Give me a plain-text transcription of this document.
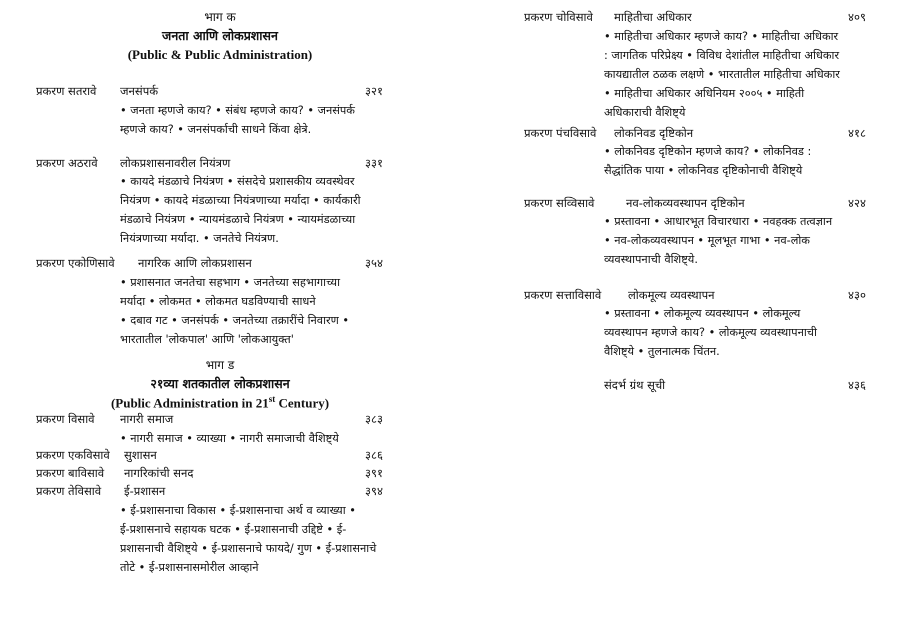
भाग क
जनता आणि लोकप्रशासन
(Public & Public Administration)
प्रकरण सतरावे जनसंपर्क	३२१
• जनता म्हणजे काय? • संबंध म्हणजे काय? • जनसंपर्क
म्हणजे काय? • जनसंपर्काची साधने किंवा क्षेत्रे.
प्रकरण अठरावे लोकप्रशासनावरील नियंत्रण	३३१
• कायदे मंडळाचे नियंत्रण • संसदेचे प्रशासकीय व्यवस्थेवर
नियंत्रण • कायदे मंडळाच्या नियंत्रणाच्या मर्यादा • कार्यकारी
मंडळाचे नियंत्रण • न्यायमंडळाचे नियंत्रण • न्यायमंडळाच्या
नियंत्रणाच्या मर्यादा. • जनतेचे नियंत्रण.
प्रकरण एकोणिसावे नागरिक आणि लोकप्रशासन	३५४
• प्रशासनात जनतेचा सहभाग • जनतेच्या सहभागाच्या
मर्यादा • लोकमत • लोकमत घडविण्याची साधने
• दबाव गट • जनसंपर्क • जनतेच्या तक्रारींचे निवारण •
भारतातील 'लोकपाल' आणि 'लोकआयुक्त'
भाग ड
२१व्या शतकातील लोकप्रशासन
(Public Administration in 21st Century)
प्रकरण विसावे नागरी समाज	३८३
• नागरी समाज • व्याख्या • नागरी समाजाची वैशिष्ट्ये
प्रकरण एकविसावे सुशासन	३८६
प्रकरण बाविसावे नागरिकांची सनद	३९१
प्रकरण तेविसावे ई-प्रशासन	३९४
• ई-प्रशासनाचा विकास • ई-प्रशासनाचा अर्थ व व्याख्या •
ई-प्रशासनाचे सहायक घटक • ई-प्रशासनाची उद्दिष्टे • ई-
प्रशासनाची वैशिष्ट्ये • ई-प्रशासनाचे फायदे/ गुण • ई-प्रशासनाचे
तोटे • ई-प्रशासनासमोरील आव्हाने
प्रकरण चोविसावे माहितीचा अधिकार	४०९
• माहितीचा अधिकार म्हणजे काय? • माहितीचा अधिकार
: जागतिक परिप्रेक्ष्य • विविध देशांतील माहितीचा अधिकार
कायद्यातील ठळक लक्षणे • भारतातील माहितीचा अधिकार
• माहितीचा अधिकार अधिनियम २००५ • माहिती
अधिकाराची वैशिष्ट्ये
प्रकरण पंचविसावे लोकनिवड दृष्टिकोन	४१८
• लोकनिवड दृष्टिकोन म्हणजे काय? • लोकनिवड :
सैद्धांतिक पाया • लोकनिवड दृष्टिकोनाची वैशिष्ट्ये
प्रकरण सव्विसावे	नव-लोकव्यवस्थापन दृष्टिकोन	४२४
• प्रस्तावना • आधारभूत विचारधारा • नवहक्क तत्वज्ञान
• नव-लोकव्यवस्थापन • मूलभूत गाभा • नव-लोक
व्यवस्थापनाची वैशिष्ट्ये.
प्रकरण सत्ताविसावे लोकमूल्य व्यवस्थापन	४३०
• प्रस्तावना • लोकमूल्य व्यवस्थापन • लोकमूल्य
व्यवस्थापन म्हणजे काय? • लोकमूल्य व्यवस्थापनाची
वैशिष्ट्ये • तुलनात्मक चिंतन.
संदर्भ ग्रंथ सूची	४३६
